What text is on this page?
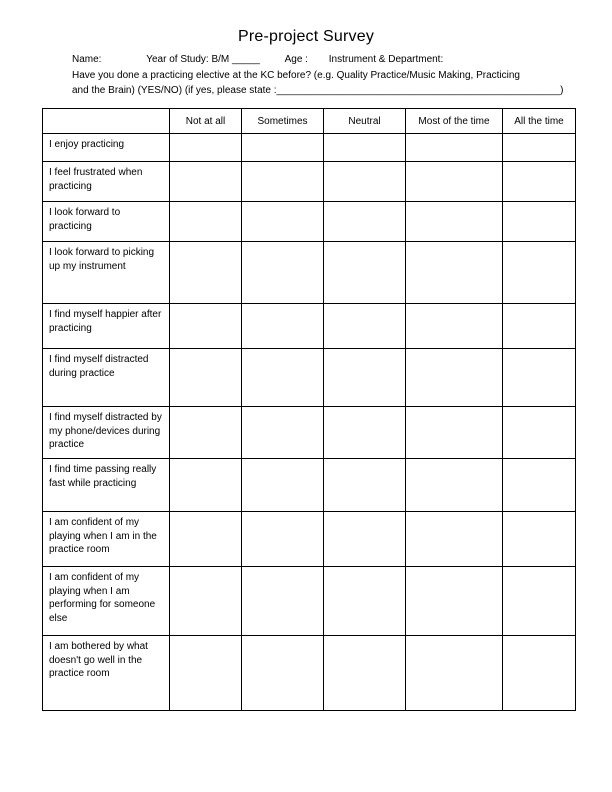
Pre-project Survey
Name:	Year of Study: B/M _____ Age : Instrument & Department:
Have you done a practicing elective at the KC before? (e.g. Quality Practice/Music Making, Practicing
and the Brain) (YES/NO) (if yes, please state :___________________________________________________)
	Not at all	Sometimes	Neutral	Most of the time	All the time
I enjoy practicing					
I feel frustrated when practicing					
I look forward to practicing					
I look forward to picking up my instrument					
I find myself happier after practicing					
I find myself distracted during practice					
I find myself distracted by my phone/devices during practice					
I find time passing really fast while practicing					
I am confident of my playing when I am in the practice room					
I am confident of my playing when I am performing for someone else					
I am bothered by what doesn't go well in the practice room					
